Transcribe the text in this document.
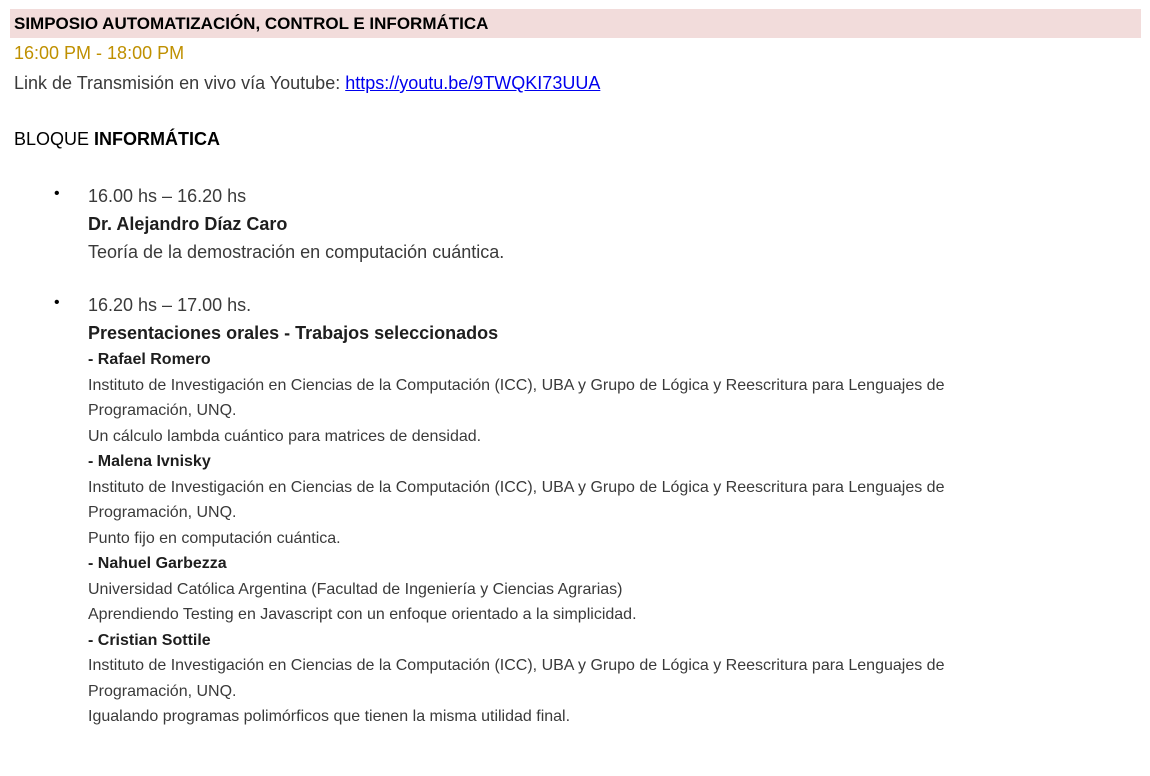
SIMPOSIO AUTOMATIZACIÓN, CONTROL E INFORMÁTICA
16:00 PM - 18:00 PM
Link de Transmisión en vivo vía Youtube: https://youtu.be/9TWQKI73UUA
BLOQUE INFORMÁTICA
• 16.00 hs – 16.20 hs
Dr. Alejandro Díaz Caro
Teoría de la demostración en computación cuántica.
• 16.20 hs – 17.00 hs.
Presentaciones orales - Trabajos seleccionados
- Rafael Romero
Instituto de Investigación en Ciencias de la Computación (ICC), UBA y Grupo de Lógica y Reescritura para Lenguajes de
Programación, UNQ.
Un cálculo lambda cuántico para matrices de densidad.
- Malena Ivnisky
Instituto de Investigación en Ciencias de la Computación (ICC), UBA y Grupo de Lógica y Reescritura para Lenguajes de
Programación, UNQ.
Punto fijo en computación cuántica.
- Nahuel Garbezza
Universidad Católica Argentina (Facultad de Ingeniería y Ciencias Agrarias)
Aprendiendo Testing en Javascript con un enfoque orientado a la simplicidad.
- Cristian Sottile
Instituto de Investigación en Ciencias de la Computación (ICC), UBA y Grupo de Lógica y Reescritura para Lenguajes de
Programación, UNQ.
Igualando programas polimórficos que tienen la misma utilidad final.
